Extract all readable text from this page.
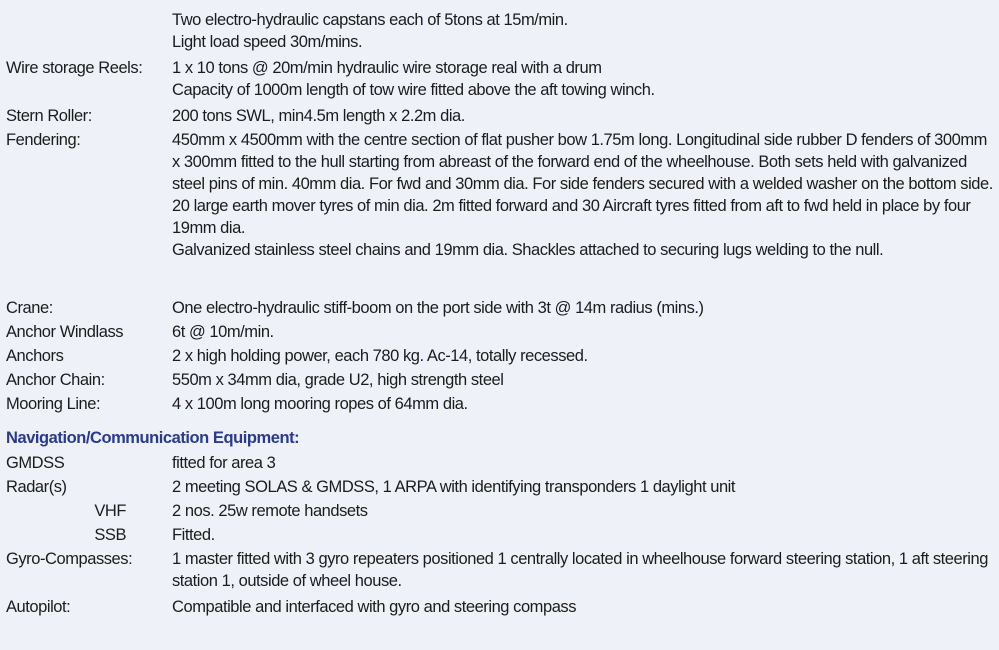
Two electro-hydraulic capstans each of 5tons at 15m/min.

Light load speed 30m/mins.

Wire storage Reels: 1 x 10 tons @ 20m/min hydraulic wire storage real with a drum

Capacity of 1000m length of tow wire fitted above the aft towing winch.

Stern Roller:	200 tons SWL, min4.5m length x 2.2m dia.

Fendering:	450mm x 4500mm with the centre section of flat pusher bow 1.75m long. Longitudinal side rubber D fenders of 300mm x 300mm fitted to the hull starting from abreast of the forward end of the wheelhouse. Both sets held with galvanized steel pins of min. 40mm dia. For fwd and 30mm dia. For side fenders secured with a welded washer on the bottom side.

20 large earth mover tyres of min dia. 2m fitted forward and 30 Aircraft tyres fitted from aft to fwd held in place by four 19mm dia.

Galvanized stainless steel chains and 19mm dia. Shackles attached to securing lugs welding to the null.

Crane:	One electro-hydraulic stiff-boom on the port side with 3t @ 14m radius (mins.)

Anchor Windlass	6t @ 10m/min.

Anchors	2 x high holding power, each 780 kg. Ac-14, totally recessed.

Anchor Chain:	550m x 34mm dia, grade U2, high strength steel

Mooring Line:	4 x 100m long mooring ropes of 64mm dia.

Navigation/Communication Equipment:
GMDSS	fitted for area 3

Radar(s)	2 meeting SOLAS & GMDSS, 1 ARPA with identifying transponders 1 daylight unit

VHF	2 nos. 25w remote handsets

SSB	Fitted.

Gyro-Compasses: 1 master fitted with 3 gyro repeaters positioned 1 centrally located in wheelhouse forward steering station, 1 aft steering station 1, outside of wheel house.

Autopilot:	Compatible and interfaced with gyro and steering compass
